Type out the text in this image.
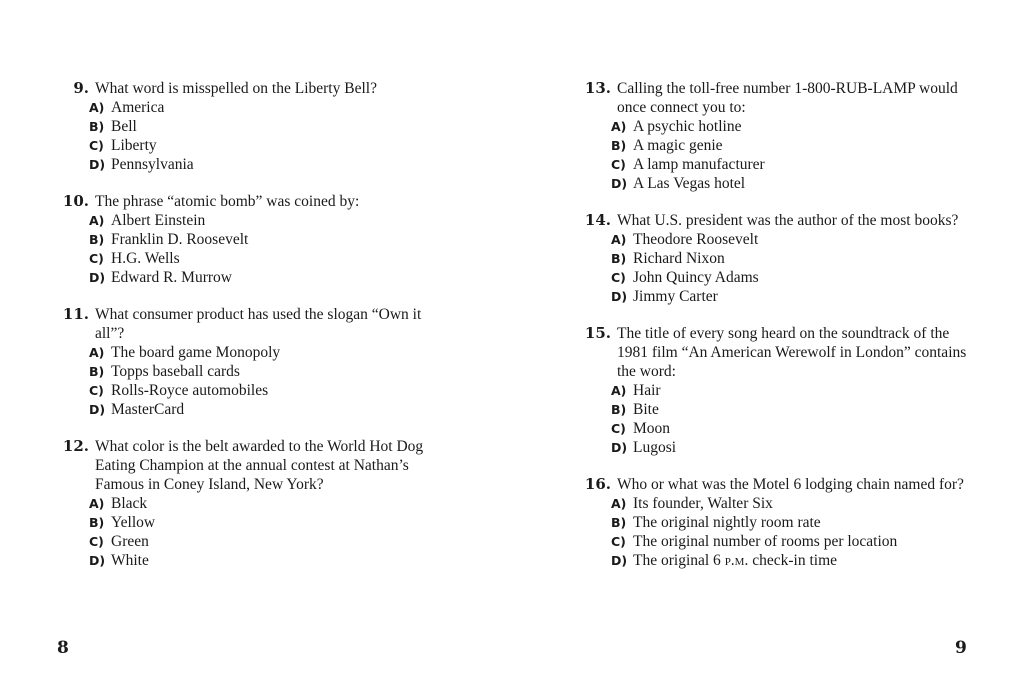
9. What word is misspelled on the Liberty Bell?
A) America
B) Bell
C) Liberty
D) Pennsylvania
10. The phrase “atomic bomb” was coined by:
A) Albert Einstein
B) Franklin D. Roosevelt
C) H.G. Wells
D) Edward R. Murrow
11. What consumer product has used the slogan “Own it all”?
A) The board game Monopoly
B) Topps baseball cards
C) Rolls-Royce automobiles
D) MasterCard
12. What color is the belt awarded to the World Hot Dog Eating Champion at the annual contest at Nathan’s Famous in Coney Island, New York?
A) Black
B) Yellow
C) Green
D) White
13. Calling the toll-free number 1-800-RUB-LAMP would once connect you to:
A) A psychic hotline
B) A magic genie
C) A lamp manufacturer
D) A Las Vegas hotel
14. What U.S. president was the author of the most books?
A) Theodore Roosevelt
B) Richard Nixon
C) John Quincy Adams
D) Jimmy Carter
15. The title of every song heard on the soundtrack of the 1981 film “An American Werewolf in London” contains the word:
A) Hair
B) Bite
C) Moon
D) Lugosi
16. Who or what was the Motel 6 lodging chain named for?
A) Its founder, Walter Six
B) The original nightly room rate
C) The original number of rooms per location
D) The original 6 p.m. check-in time
8	9
